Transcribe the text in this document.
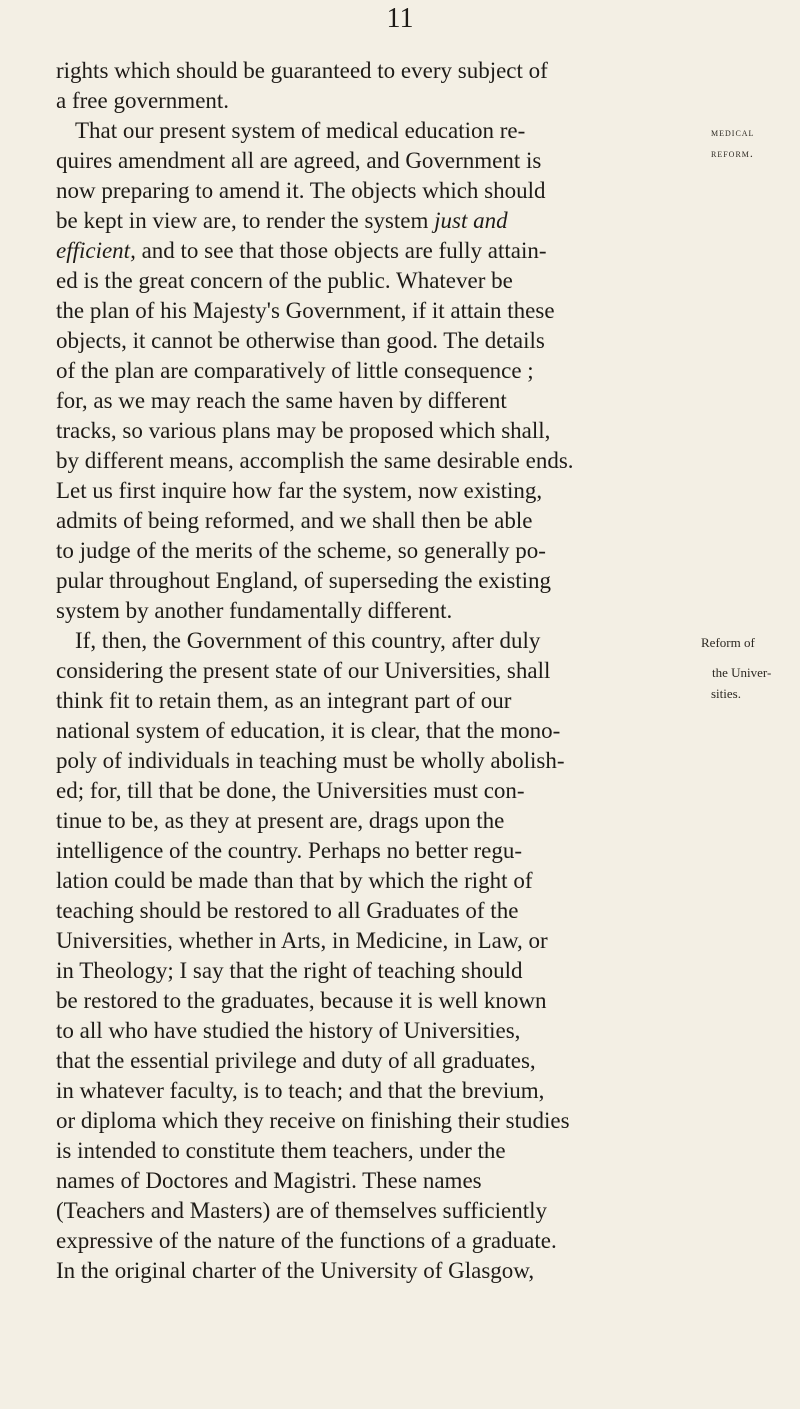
11
rights which should be guaranteed to every subject of
a free government.
That our present system of medical education re-
quires amendment all are agreed, and Government is
now preparing to amend it. The objects which should
be kept in view are, to render the system just and
efficient, and to see that those objects are fully attain-
ed is the great concern of the public. Whatever be
the plan of his Majesty's Government, if it attain these
objects, it cannot be otherwise than good. The details
of the plan are comparatively of little consequence ;
for, as we may reach the same haven by different
tracks, so various plans may be proposed which shall,
by different means, accomplish the same desirable ends.
Let us first inquire how far the system, now existing,
admits of being reformed, and we shall then be able
to judge of the merits of the scheme, so generally po-
pular throughout England, of superseding the existing
system by another fundamentally different.
If, then, the Government of this country, after duly
considering the present state of our Universities, shall
think fit to retain them, as an integrant part of our
national system of education, it is clear, that the mono-
poly of individuals in teaching must be wholly abolish-
ed; for, till that be done, the Universities must con-
tinue to be, as they at present are, drags upon the
intelligence of the country. Perhaps no better regu-
lation could be made than that by which the right of
teaching should be restored to all Graduates of the
Universities, whether in Arts, in Medicine, in Law, or
in Theology; I say that the right of teaching should
be restored to the graduates, because it is well known
to all who have studied the history of Universities,
that the essential privilege and duty of all graduates,
in whatever faculty, is to teach; and that the brevium,
or diploma which they receive on finishing their studies
is intended to constitute them teachers, under the
names of Doctores and Magistri. These names
(Teachers and Masters) are of themselves sufficiently
expressive of the nature of the functions of a graduate.
In the original charter of the University of Glasgow,
medical
reform.
Reform of
the Univer-
sities.
